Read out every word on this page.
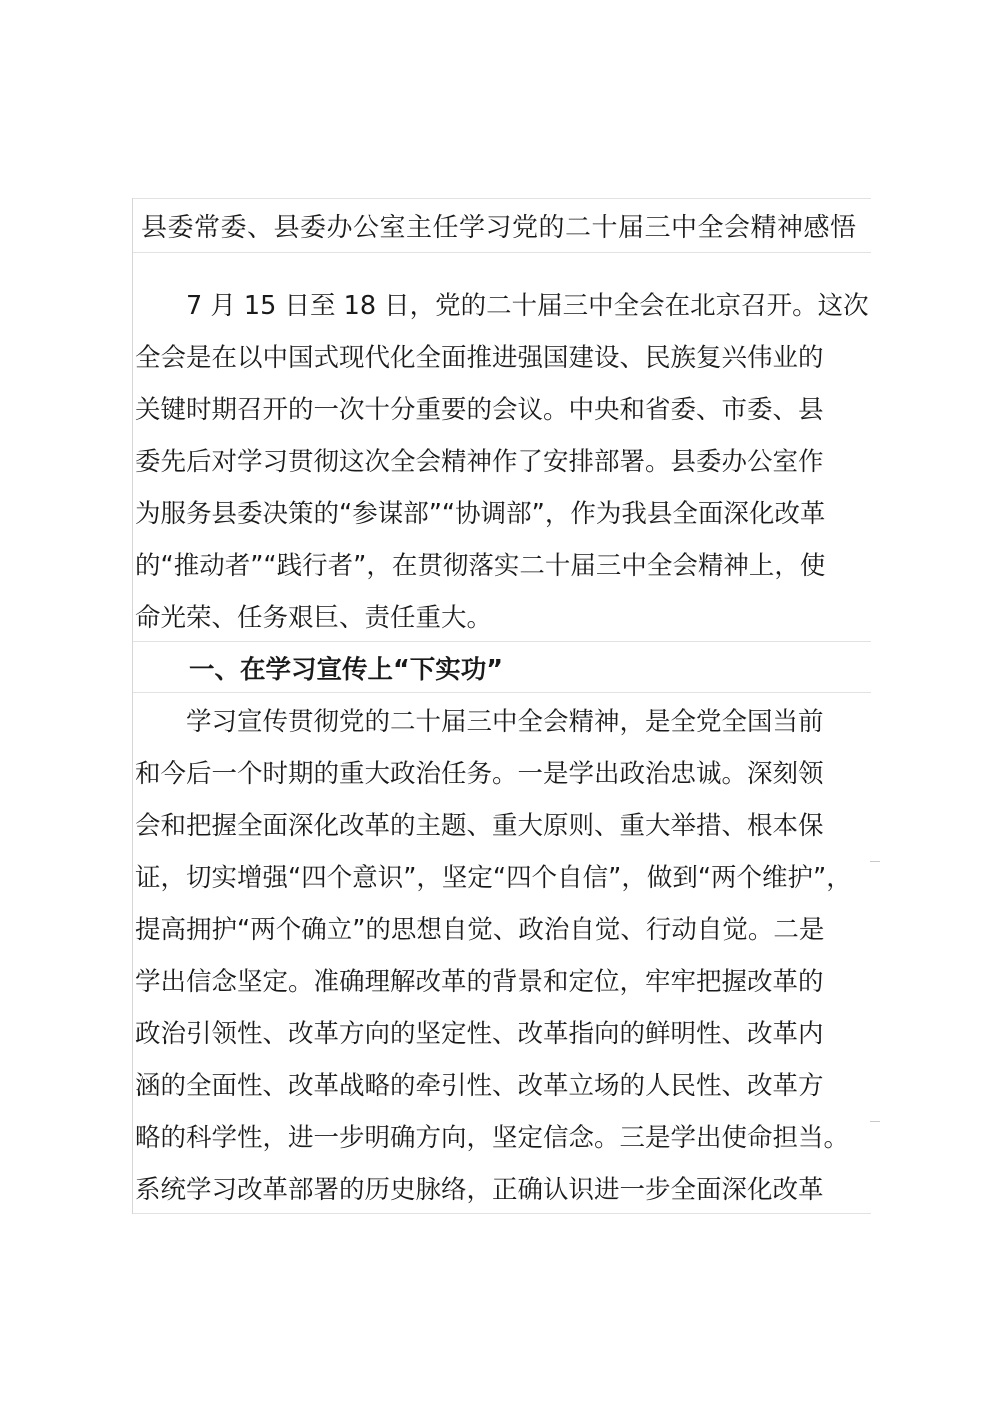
县委常委、县委办公室主任学习党的二十届三中全会精神感悟
　　7 月 15 日至 18 日，党的二十届三中全会在北京召开。这次
全会是在以中国式现代化全面推进强国建设、民族复兴伟业的
关键时期召开的一次十分重要的会议。中央和省委、市委、县
委先后对学习贯彻这次全会精神作了安排部署。县委办公室作
为服务县委决策的“参谋部”“协调部”，作为我县全面深化改革
的“推动者”“践行者”，在贯彻落实二十届三中全会精神上，使
命光荣、任务艰巨、责任重大。
一、在学习宣传上“下实功”
　　学习宣传贯彻党的二十届三中全会精神，是全党全国当前
和今后一个时期的重大政治任务。一是学出政治忠诚。深刻领
会和把握全面深化改革的主题、重大原则、重大举措、根本保
证，切实增强“四个意识”，坚定“四个自信”，做到“两个维护”，
提高拥护“两个确立”的思想自觉、政治自觉、行动自觉。二是
学出信念坚定。准确理解改革的背景和定位，牢牢把握改革的
政治引领性、改革方向的坚定性、改革指向的鲜明性、改革内
涵的全面性、改革战略的牵引性、改革立场的人民性、改革方
略的科学性，进一步明确方向，坚定信念。三是学出使命担当。
系统学习改革部署的历史脉络，正确认识进一步全面深化改革
